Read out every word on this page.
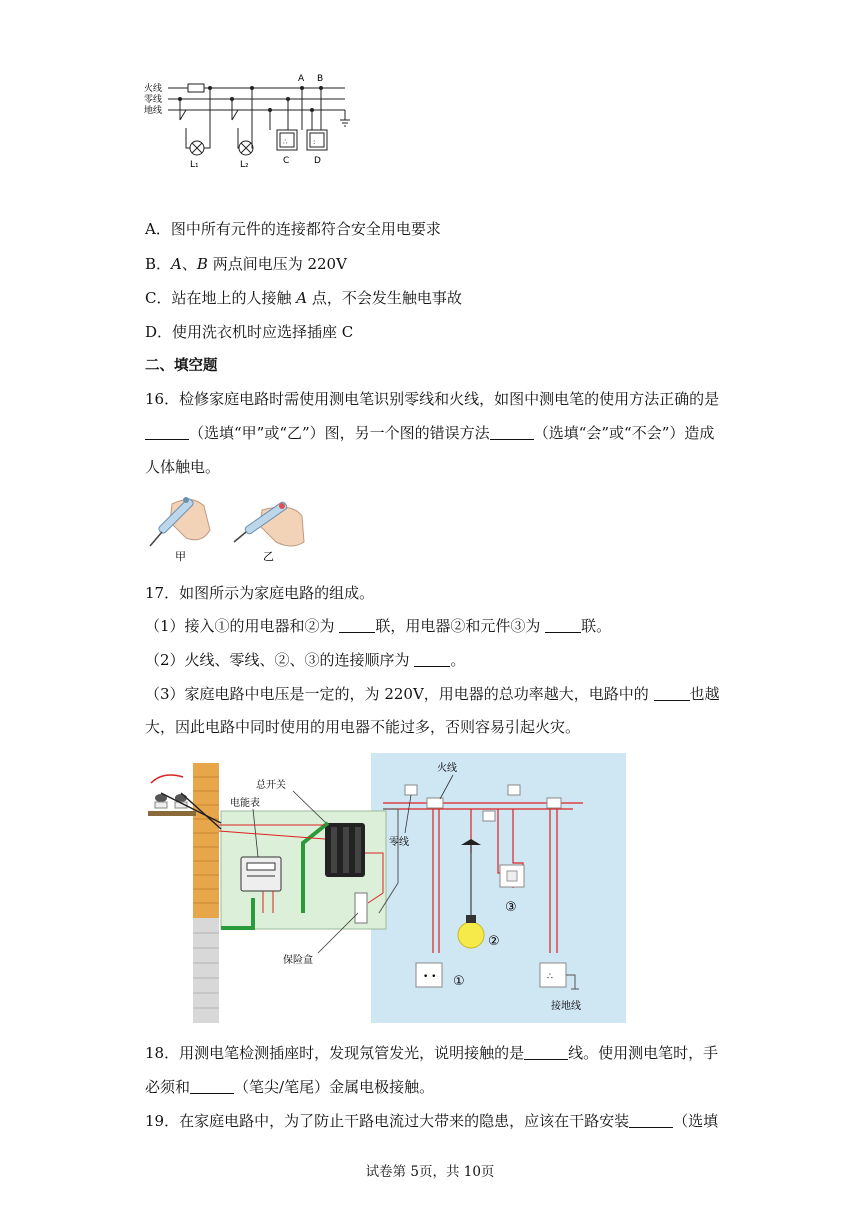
火线
零线
地线
A B
L₁	L₂
∴
C
:
D
A．图中所有元件的连接都符合安全用电要求
B．A、B 两点间电压为 220V
C．站在地上的人接触 A 点，不会发生触电事故
D．使用洗衣机时应选择插座 C
二、填空题
16．检修家庭电路时需使用测电笔识别零线和火线，如图中测电笔的使用方法正确的是
（选填“甲”或“乙”）图，另一个图的错误方法	（选填“会”或“不会”）造成
人体触电。
甲	乙
17．如图所示为家庭电路的组成。
（1）接入①的用电器和②为 联，用电器②和元件③为 联。
（2）火线、零线、②、③的连接顺序为 。
（3）家庭电路中电压是一定的，为 220V，用电器的总功率越大，电路中的 也越
大，因此电路中同时使用的用电器不能过多，否则容易引起火灾。
电能表
总开关
保险盒
火线
零线
②
③
• • ①	∴
接地线
18．用测电笔检测插座时，发现氖管发光，说明接触的是	线。使用测电笔时，手
必须和	（笔尖/笔尾）金属电极接触。
19．在家庭电路中，为了防止干路电流过大带来的隐患，应该在干路安装	（选填
试卷第 5页，共 10页
